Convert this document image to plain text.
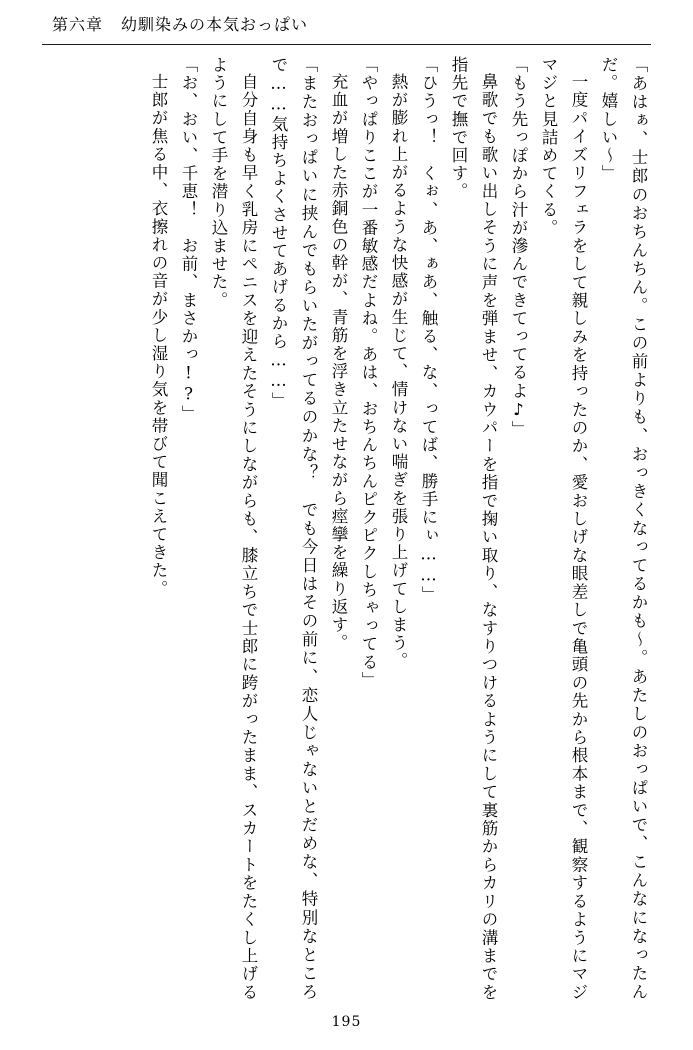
第六章 幼馴染みの本気おっぱい

「あはぁ、士郎のおちんちん。この前よりも、おっきくなってるかも～。あたしのおっぱいで、こんなになったんだ。嬉しい～」

一度パイズリフェラをして親しみを持ったのか、愛おしげな眼差しで亀頭の先から根本まで、観察するようにマジマジと見詰めてくる。

「もう先っぽから汁が滲んできてってるよ♪」

鼻歌でも歌い出しそうに声を弾ませ、カウパーを指で掬い取り、なすりつけるようにして裏筋からカリの溝までを指先で撫で回す。

「ひうっ！　くぉ、あ、ぁあ、触る、な、ってば、勝手にぃ……」

熱が膨れ上がるような快感が生じて、情けない喘ぎを張り上げてしまう。

「やっぱりここが一番敏感だよね。あは、おちんちんピクピクしちゃってる」

充血が増した赤銅色の幹が、青筋を浮き立たせながら痙攣を繰り返す。

「またおっぱいに挟んでもらいたがってるのかな？　でも今日はその前に、恋人じゃないとだめな、特別なところで……気持ちよくさせてあげるから……」

自分自身も早く乳房にペニスを迎えたそうにしながらも、膝立ちで士郎に跨がったまま、スカートをたくし上げるようにして手を潜り込ませた。

「お、おい、千恵！　お前、まさかっ!?」

士郎が焦る中、衣擦れの音が少し湿り気を帯びて聞こえてきた。

195
